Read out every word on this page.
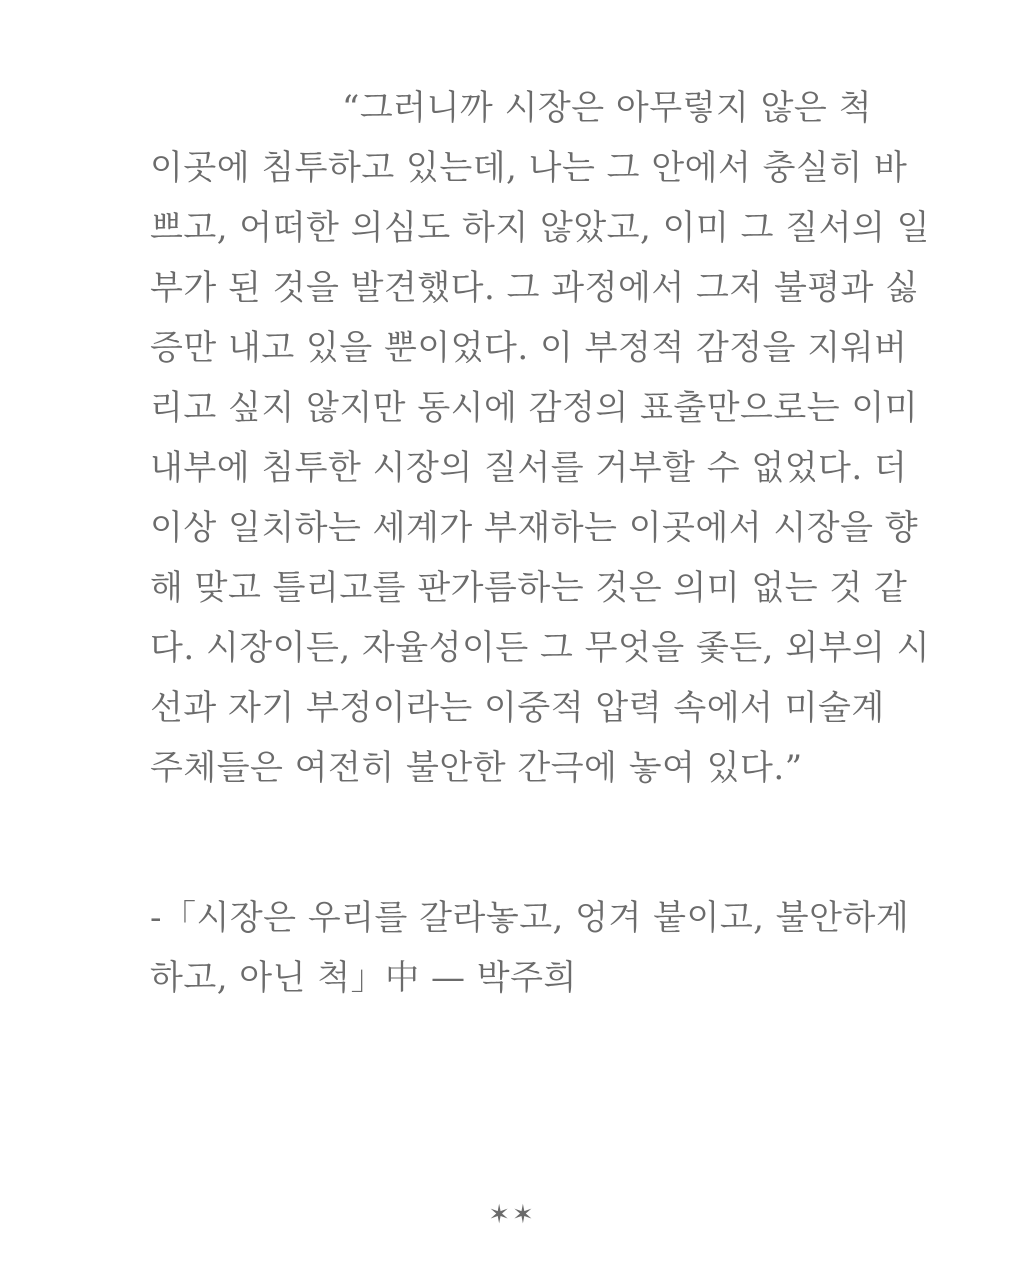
“그러니까 시장은 아무렇지 않은 척
이곳에 침투하고 있는데, 나는 그 안에서 충실히 바
쁘고, 어떠한 의심도 하지 않았고, 이미 그 질서의 일
부가 된 것을 발견했다. 그 과정에서 그저 불평과 싫
증만 내고 있을 뿐이었다. 이 부정적 감정을 지워버
리고 싶지 않지만 동시에 감정의 표출만으로는 이미
내부에 침투한 시장의 질서를 거부할 수 없었다. 더
이상 일치하는 세계가 부재하는 이곳에서 시장을 향
해 맞고 틀리고를 판가름하는 것은 의미 없는 것 같
다. 시장이든, 자율성이든 그 무엇을 좇든, 외부의 시
선과 자기 부정이라는 이중적 압력 속에서 미술계
주체들은 여전히 불안한 간극에 놓여 있다.”
-「시장은 우리를 갈라놓고, 엉겨 붙이고, 불안하게
하고, 아닌 척」中 — 박주희
✶✶
